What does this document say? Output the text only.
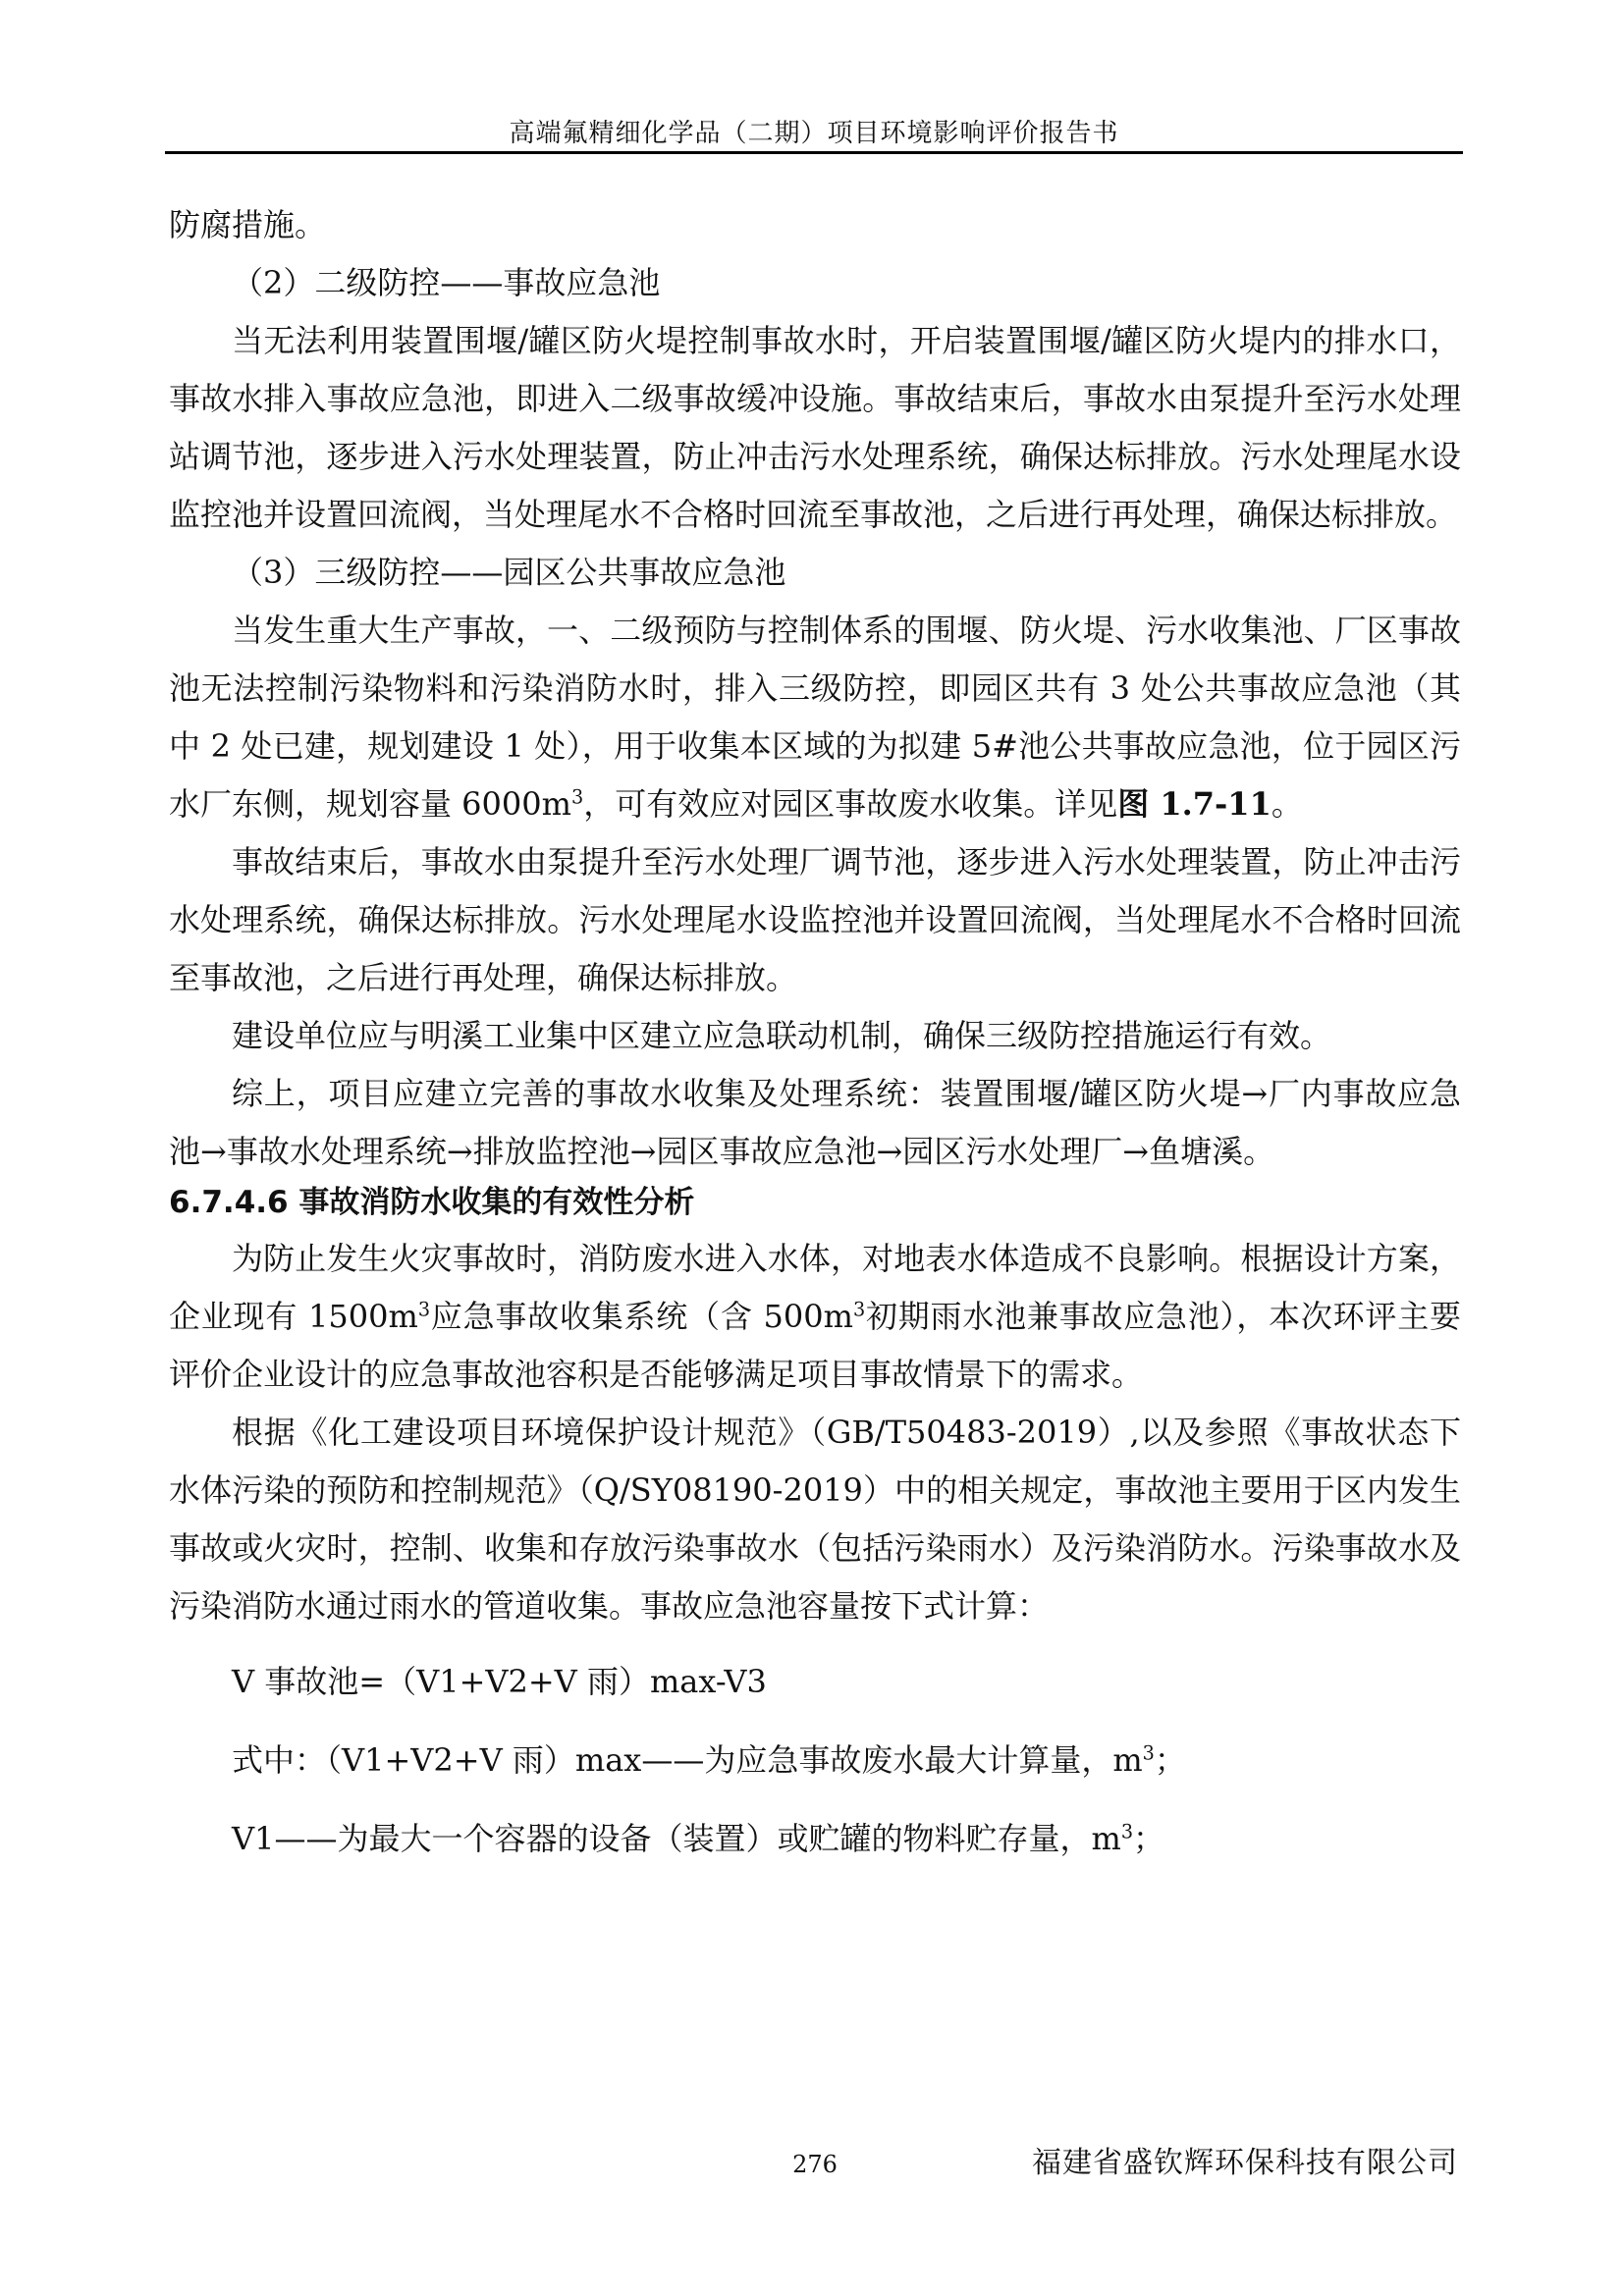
高端氟精细化学品（二期）项目环境影响评价报告书

防腐措施。

（2）二级防控——事故应急池

当无法利用装置围堰/罐区防火堤控制事故水时，开启装置围堰/罐区防火堤内的排水口，事故水排入事故应急池，即进入二级事故缓冲设施。事故结束后，事故水由泵提升至污水处理站调节池，逐步进入污水处理装置，防止冲击污水处理系统，确保达标排放。污水处理尾水设监控池并设置回流阀，当处理尾水不合格时回流至事故池，之后进行再处理，确保达标排放。

（3）三级防控——园区公共事故应急池

当发生重大生产事故，一、二级预防与控制体系的围堰、防火堤、污水收集池、厂区事故池无法控制污染物料和污染消防水时，排入三级防控，即园区共有 3 处公共事故应急池（其中 2 处已建，规划建设 1 处），用于收集本区域的为拟建 5#池公共事故应急池，位于园区污水厂东侧，规划容量 $6000m^3$，可有效应对园区事故废水收集。详见图 1.7-11。

事故结束后，事故水由泵提升至污水处理厂调节池，逐步进入污水处理装置，防止冲击污水处理系统，确保达标排放。污水处理尾水设监控池并设置回流阀，当处理尾水不合格时回流至事故池，之后进行再处理，确保达标排放。

建设单位应与明溪工业集中区建立应急联动机制，确保三级防控措施运行有效。

综上，项目应建立完善的事故水收集及处理系统：装置围堰/罐区防火堤→厂内事故应急池→事故水处理系统→排放监控池→园区事故应急池→园区污水处理厂→鱼塘溪。

6.7.4.6 事故消防水收集的有效性分析

为防止发生火灾事故时，消防废水进入水体，对地表水体造成不良影响。根据设计方案，企业现有 $1500m^3$应急事故收集系统（含 $500m^3$初期雨水池兼事故应急池），本次环评主要评价企业设计的应急事故池容积是否能够满足项目事故情景下的需求。

根据《化工建设项目环境保护设计规范》（GB/T50483-2019）,以及参照《事故状态下水体污染的预防和控制规范》（Q/SY08190-2019）中的相关规定，事故池主要用于区内发生事故或火灾时，控制、收集和存放污染事故水（包括污染雨水）及污染消防水。污染事故水及污染消防水通过雨水的管道收集。事故应急池容量按下式计算：

V 事故池=（V1+V2+V 雨）max-V3

式中：（V1+V2+V 雨）max——为应急事故废水最大计算量，$m^3$；

V1——为最大一个容器的设备（装置）或贮罐的物料贮存量，$m^3$；

276	福建省盛钦辉环保科技有限公司
